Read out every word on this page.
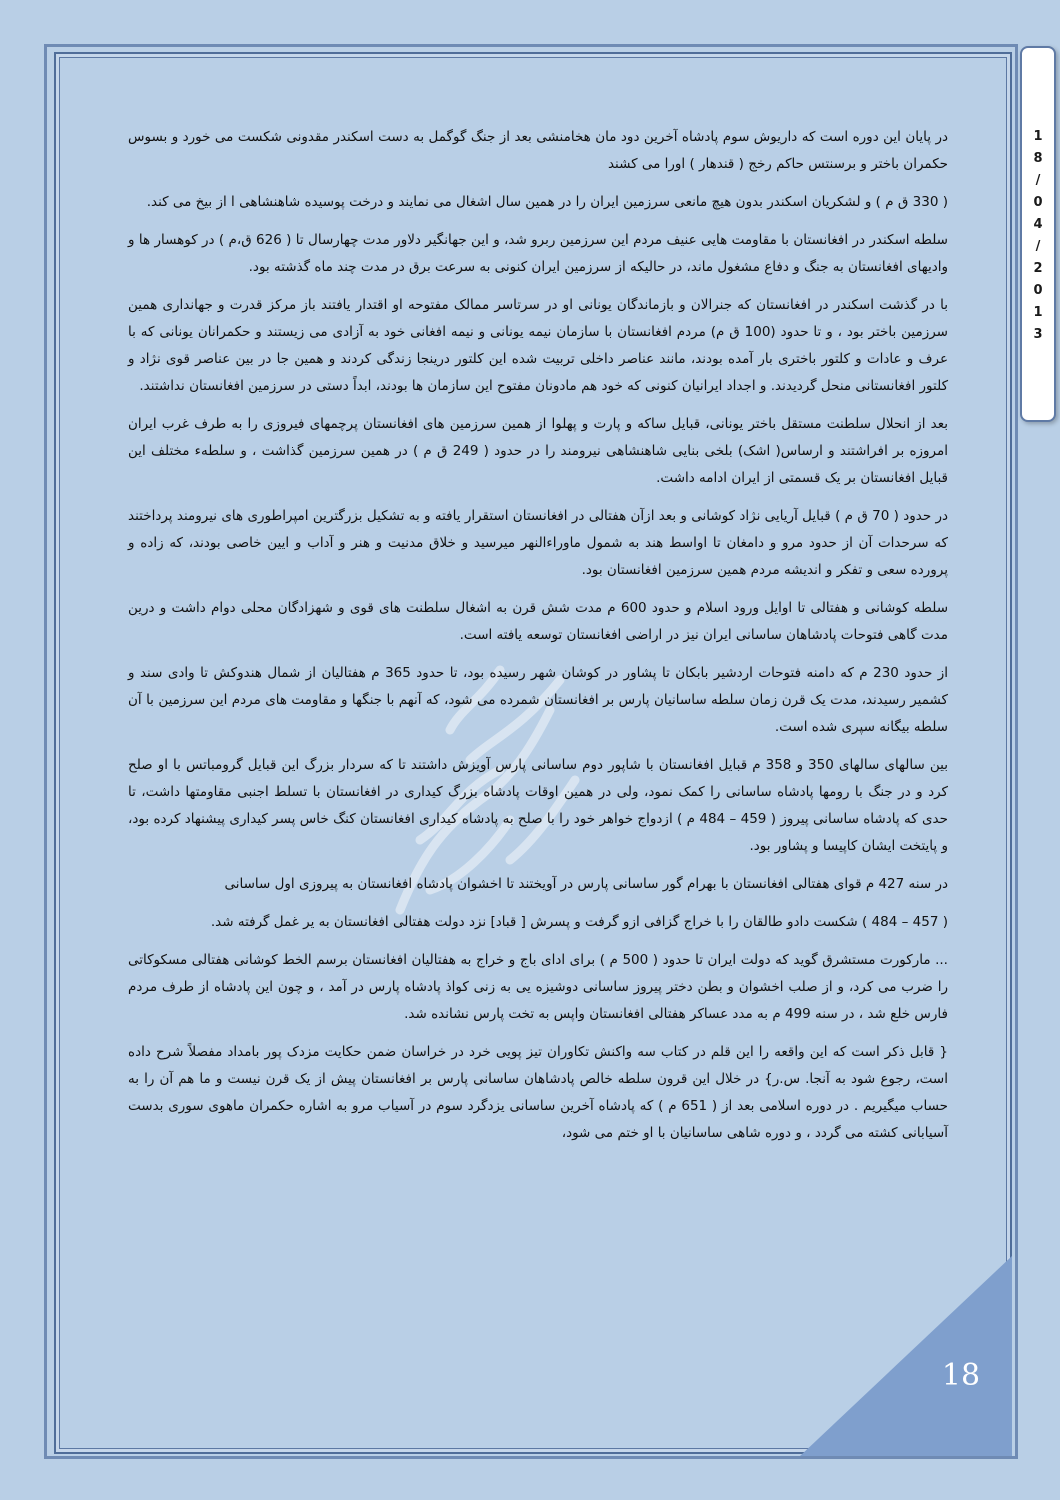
1
8
/
0
4
/
2
0
1
3

در پایان این دوره است که داریوش سوم پادشاه آخرین دود مان هخامنشی بعد از جنگ گوگمل به دست اسکندر مقدونی شکست می خورد و بسوس حکمران باختر و برسنتس حاکم رخج ( قندهار ) اورا می کشند

( 330 ق م ) و لشکریان اسکندر بدون هیچ مانعی سرزمین ایران را در همین سال اشغال می نمایند و درخت پوسیده شاهنشاهی ا از بیخ می کند.

سلطه اسکندر در افغانستان با مقاومت هایی عنیف مردم این سرزمین ربرو شد، و این جهانگیر دلاور مدت چهارسال تا ( 626 ق،م ) در کوهسار ها و وادیهای افغانستان به جنگ و دفاع مشغول ماند، در حالیکه از سرزمین ایران کنونی به سرعت برق در مدت چند ماه گذشته بود.

با در گذشت اسکندر در افغانستان که جنرالان و بازماندگان یونانی او در سرتاسر ممالک مفتوحه او اقتدار یافتند باز مرکز قدرت و جهانداری همین سرزمین باختر بود ، و تا حدود (100 ق م) مردم افغانستان با سازمان نیمه یونانی و نیمه افغانی خود به آزادی می زیستند و حکمرانان یونانی که با عرف و عادات و کلتور باختری بار آمده بودند، مانند عناصر داخلی تربیت شده این کلتور درینجا زندگی کردند و همین جا در بین عناصر قوی نژاد و کلتور افغانستانی منحل گردیدند. و اجداد ایرانیان کنونی که خود هم مادونان مفتوح این سازمان ها بودند، ابداً دستی در سرزمین افغانستان نداشتند.

بعد از انحلال سلطنت مستقل باختر یونانی، قبایل ساکه و پارت و پهلوا از همین سرزمین های افغانستان پرچمهای فیروزی را به طرف غرب ایران امروزه بر افراشتند و ارساس( اشک) بلخی بنایی شاهنشاهی نیرومند را در حدود ( 249 ق م ) در همین سرزمین گذاشت ، و سلطهء مختلف این قبایل افغانستان بر یک قسمتی از ایران ادامه داشت.

در حدود ( 70 ق م ) قبایل آریایی نژاد کوشانی و بعد ازآن هفتالی در افغانستان استقرار یافته و به تشکیل بزرگترین امپراطوری های نیرومند پرداختند که سرحدات آن از حدود مرو و دامغان تا اواسط هند به شمول ماوراءالنهر میرسید و خلاق مدنیت و هنر و آداب و ایین خاصی بودند، که زاده و پرورده سعی و تفکر و اندیشه مردم همین سرزمین افغانستان بود.

سلطه کوشانی و هفتالی تا اوایل ورود اسلام و حدود 600 م مدت شش قرن به اشغال سلطنت های قوی و شهزادگان محلی دوام داشت و درین مدت گاهی فتوحات پادشاهان ساسانی ایران نیز در اراضی افغانستان توسعه یافته است.

از حدود 230 م که دامنه فتوحات اردشیر بابکان تا پشاور در کوشان شهر رسیده بود، تا حدود 365 م هفتالیان از شمال هندوکش تا وادی سند و کشمیر رسیدند، مدت یک قرن زمان سلطه ساسانیان پارس بر افغانستان شمرده می شود، که آنهم با جنگها و مقاومت های مردم این سرزمین با آن سلطه بیگانه سپری شده است.

بین سالهای سالهای 350 و 358 م قبایل افغانستان با شاپور دوم ساسانی پارس آویزش داشتند تا که سردار بزرگ این قبایل گرومباتس با او صلح کرد و در جنگ با رومها پادشاه ساسانی را کمک نمود، ولی در همین اوقات پادشاه بزرگ کیداری در افغانستان با تسلط اجنبی مقاومتها داشت، تا حدی که پادشاه ساسانی پیروز ( 459 – 484 م ) ازدواج خواهر خود را با صلح به پادشاه کیداری افغانستان کنگ خاس پسر کیداری پیشنهاد کرده بود، و پایتخت ایشان کاپیسا و پشاور بود.

در سنه 427 م قوای هفتالی افغانستان با بهرام گور ساسانی پارس در آویختند تا اخشوان پادشاه افغانستان به پیروزی اول ساسانی

( 457 – 484 ) شکست دادو طالقان را با خراج گزافی ازو گرفت و پسرش [ قباد] نزد دولت هفتالی افغانستان به یر غمل گرفته شد.

... مارکورت مستشرق گوید که دولت ایران تا حدود ( 500 م ) برای ادای باج و خراج به هفتالیان افغانستان برسم الخط کوشانی هفتالی مسکوکاتی را ضرب می کرد، و از صلب اخشوان و بطن دختر پیروز ساسانی دوشیزه یی به زنی کواذ پادشاه پارس در آمد ، و چون این پادشاه از طرف مردم فارس خلع شد ، در سنه 499 م به مدد عساکر هفتالی افغانستان واپس به تخت پارس نشانده شد.

{ قابل ذکر است که این واقعه را این قلم در کتاب سه واکنش تکاوران تیز پویی خرد در خراسان ضمن حکایت مزدک پور بامداد مفصلاً شرح داده است، رجوع شود به آنجا. س.ر} در خلال این قرون سلطه خالص پادشاهان ساسانی پارس بر افغانستان پیش از یک قرن نیست و ما هم آن را به حساب میگیریم . در دوره اسلامی بعد از ( 651 م ) که پادشاه آخرین ساسانی یزدگرد سوم در آسیاب مرو به اشاره حکمران ماهوی سوری بدست آسیابانی کشته می گردد ، و دوره شاهی ساسانیان با او ختم می شود،

18
